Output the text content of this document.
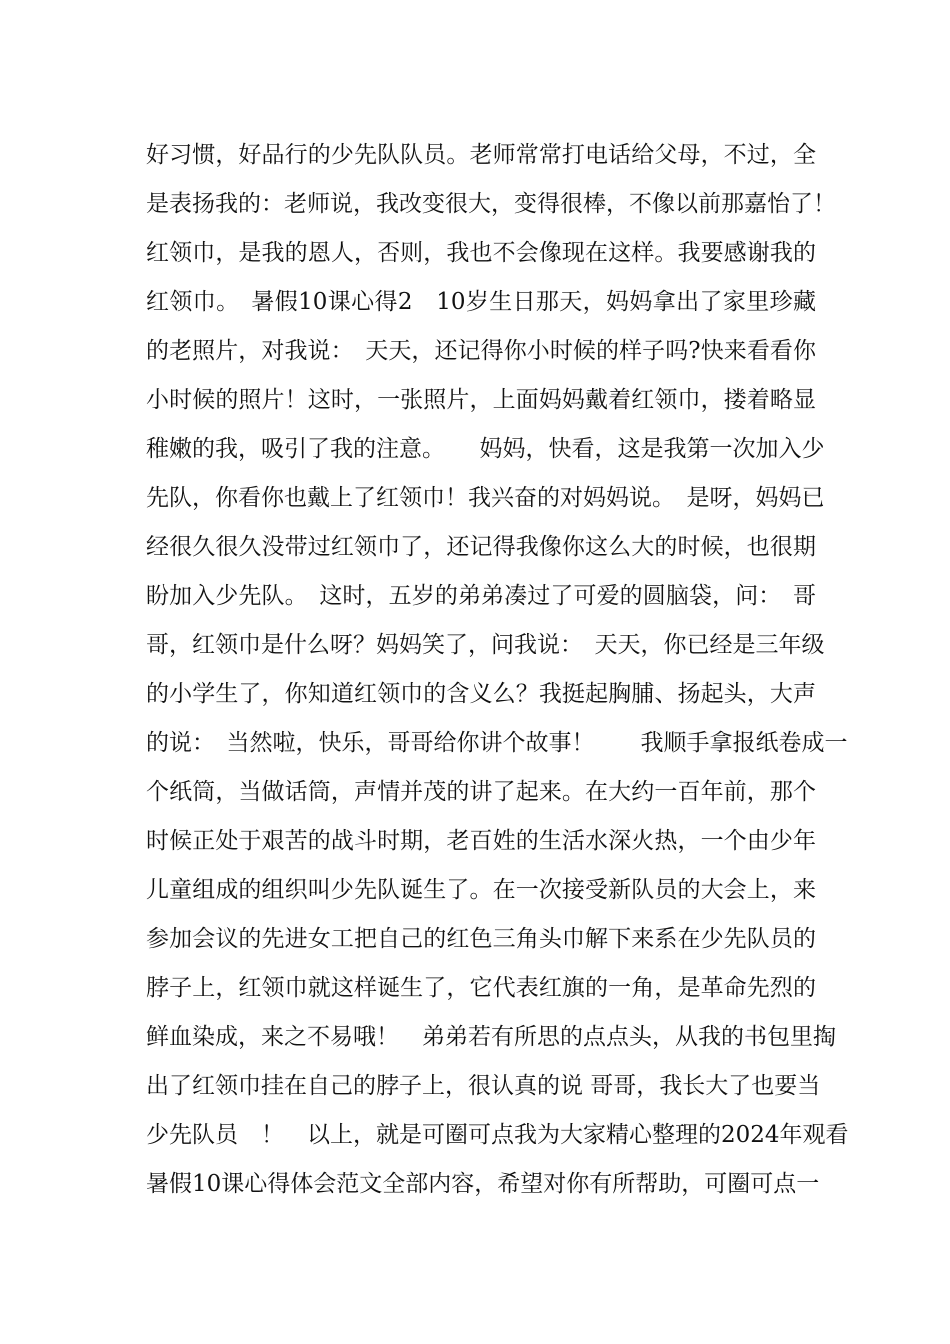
好习惯，好品行的少先队队员。老师常常打电话给父母，不过，全
是表扬我的：老师说，我改变很大，变得很棒，不像以前那嘉怡了！
红领巾，是我的恩人，否则，我也不会像现在这样。我要感谢我的
红领巾。　暑假10课心得2　10岁生日那天，妈妈拿出了家里珍藏
的老照片，对我说：　天天，还记得你小时候的样子吗?快来看看你
小时候的照片！这时，一张照片，上面妈妈戴着红领巾，搂着略显
稚嫩的我，吸引了我的注意。　　妈妈，快看，这是我第一次加入少
先队，你看你也戴上了红领巾！我兴奋的对妈妈说。　是呀，妈妈已
经很久很久没带过红领巾了，还记得我像你这么大的时候，也很期
盼加入少先队。　这时，五岁的弟弟凑过了可爱的圆脑袋，问：　哥
哥，红领巾是什么呀？妈妈笑了，问我说：　天天，你已经是三年级
的小学生了，你知道红领巾的含义么？我挺起胸脯、扬起头，大声
的说：　当然啦，快乐，哥哥给你讲个故事！　　我顺手拿报纸卷成一
个纸筒，当做话筒，声情并茂的讲了起来。在大约一百年前，那个
时候正处于艰苦的战斗时期，老百姓的生活水深火热，一个由少年
儿童组成的组织叫少先队诞生了。在一次接受新队员的大会上，来
参加会议的先进女工把自己的红色三角头巾解下来系在少先队员的
脖子上，红领巾就这样诞生了，它代表红旗的一角，是革命先烈的
鲜血染成，来之不易哦！　弟弟若有所思的点点头，从我的书包里掏
出了红领巾挂在自己的脖子上，很认真的说 哥哥，我长大了也要当
少先队员　！　以上，就是可圈可点我为大家精心整理的2024年观看
暑假10课心得体会范文全部内容，希望对你有所帮助，可圈可点一
